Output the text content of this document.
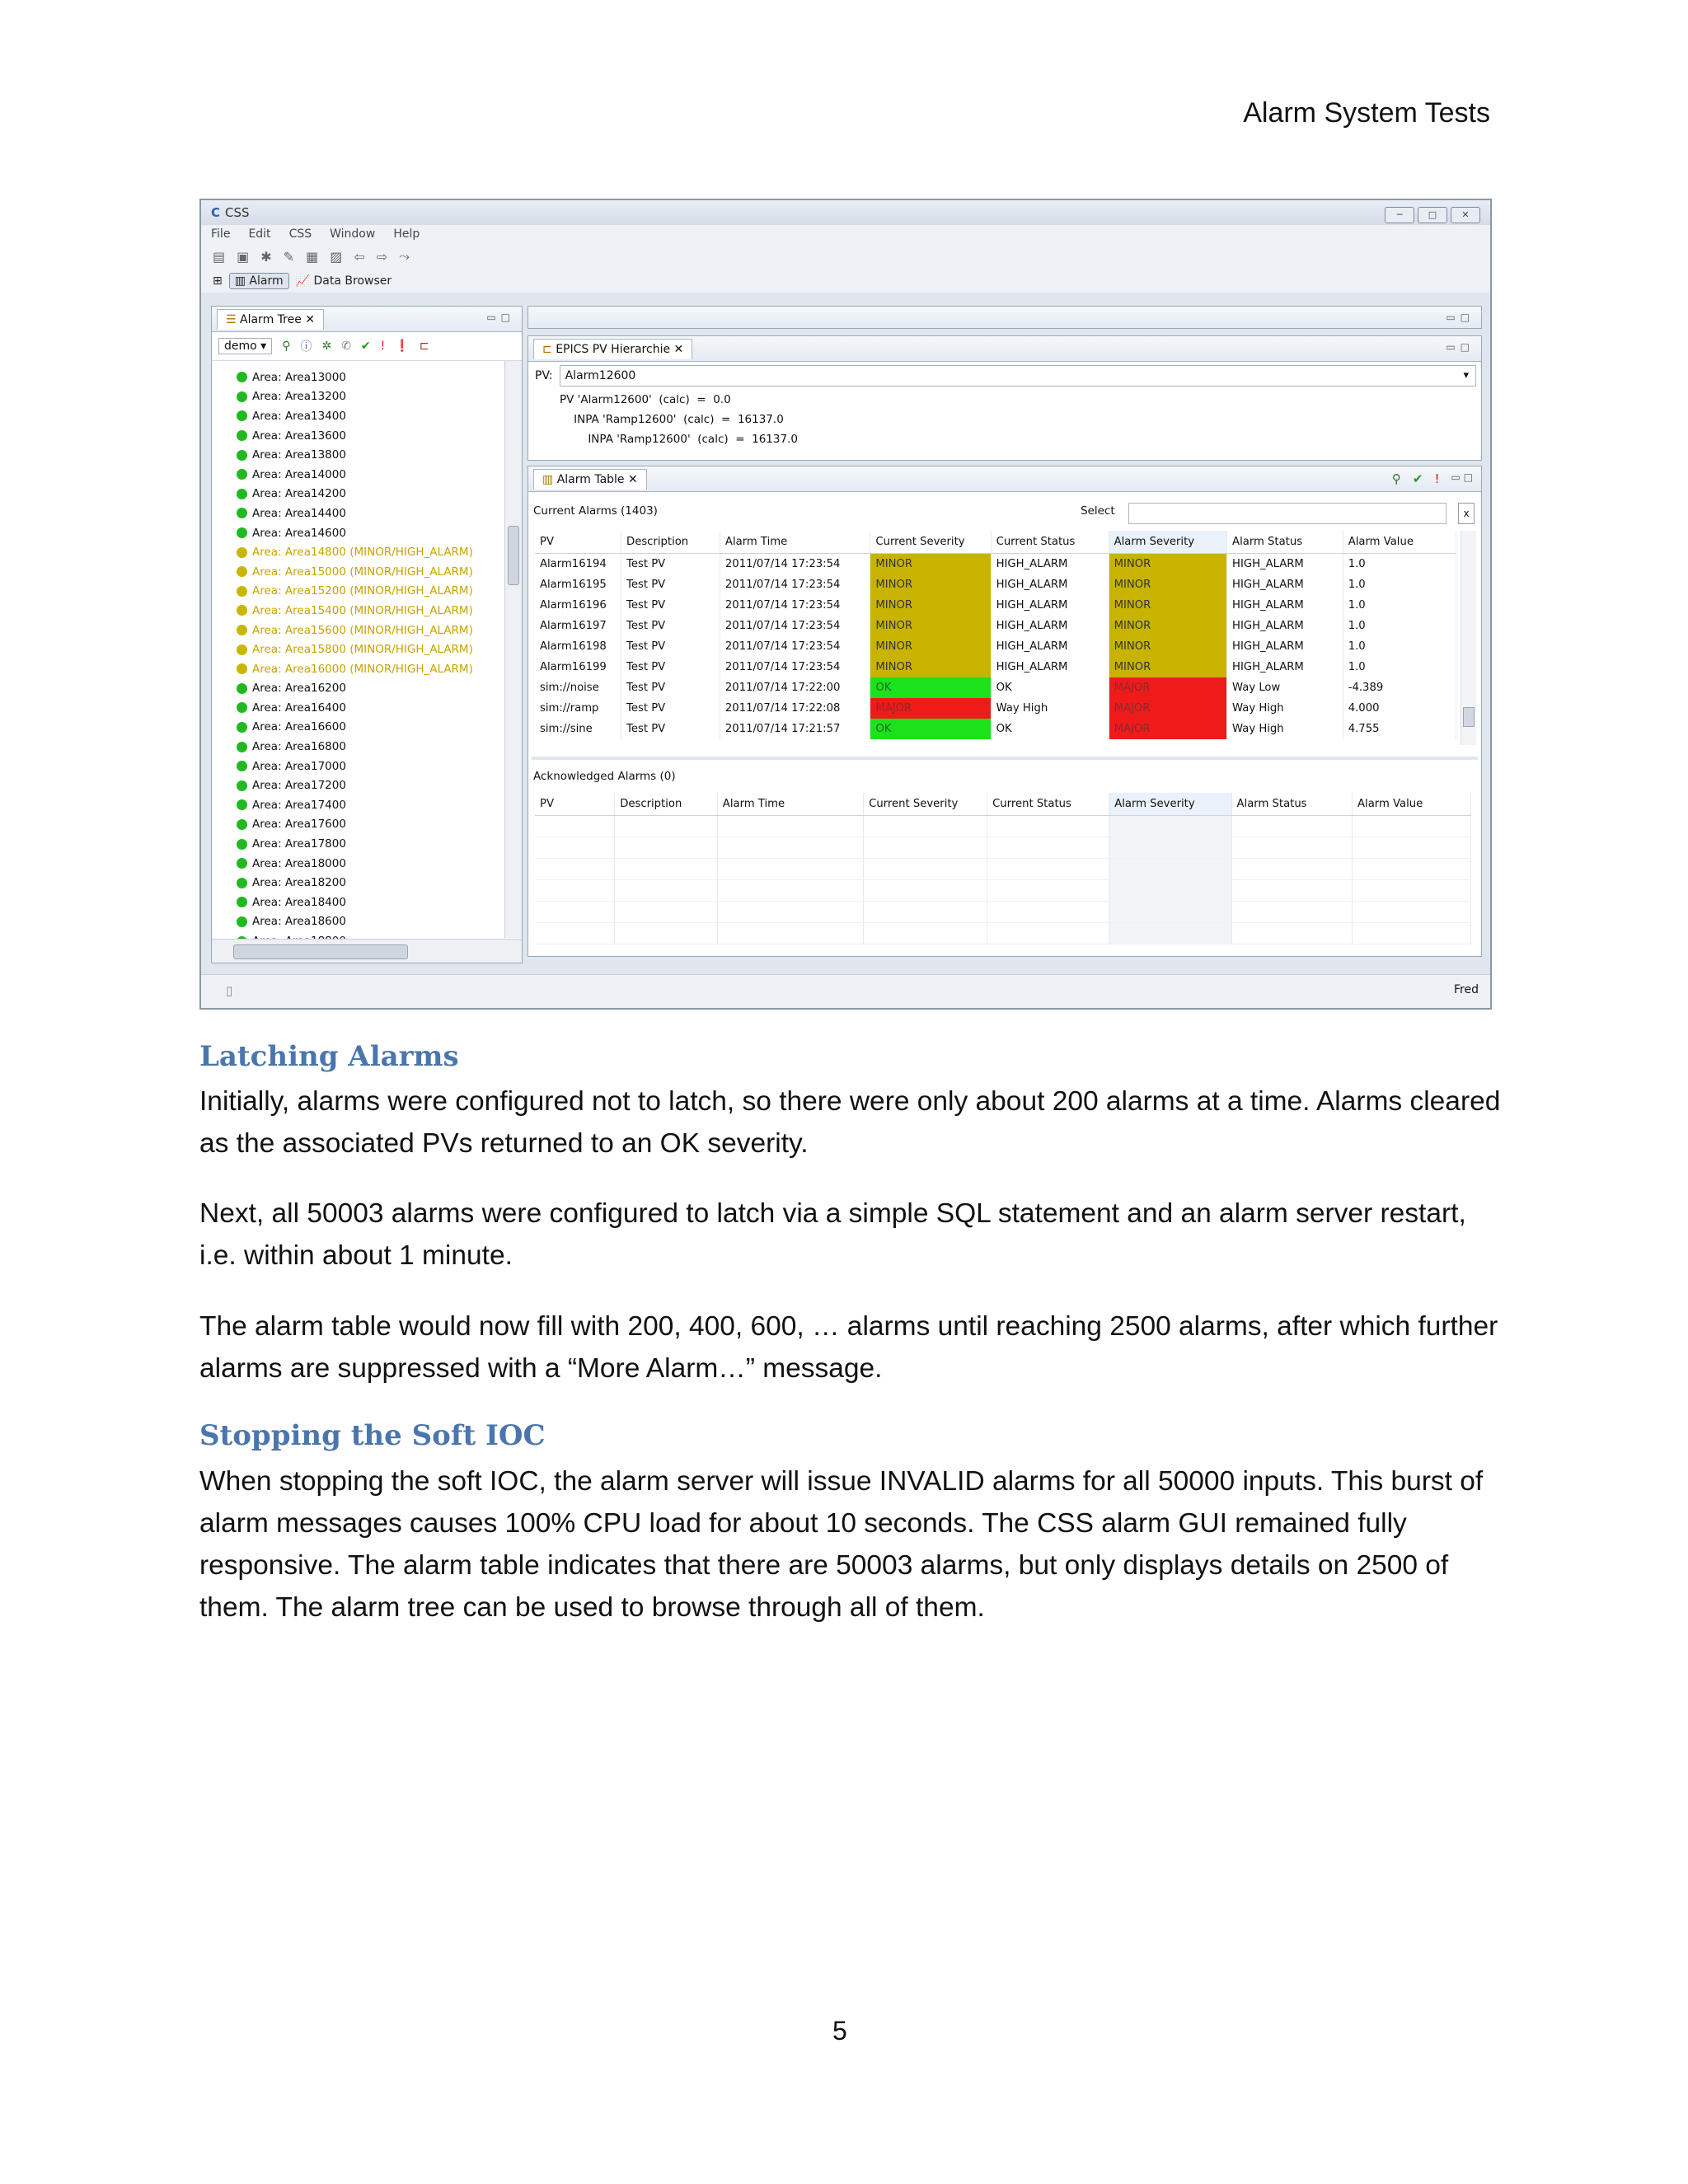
Alarm System Tests
C CSS	─	□	✕
File Edit CSS Window Help
▤ ▣ ✱ ✎ ▦ ▨ ⇦ ⇨ ⤳
⊞	▥ Alarm	📈 Data Browser
☰ Alarm Tree ✕	▭□
demo ▾	⚲ ⓘ ✲ ✆ ✔ ! ❗ ⊏
Area: Area13000
Area: Area13200
Area: Area13400
Area: Area13600
Area: Area13800
Area: Area14000
Area: Area14200
Area: Area14400
Area: Area14600
Area: Area14800 (MINOR/HIGH_ALARM)
Area: Area15000 (MINOR/HIGH_ALARM)
Area: Area15200 (MINOR/HIGH_ALARM)
Area: Area15400 (MINOR/HIGH_ALARM)
Area: Area15600 (MINOR/HIGH_ALARM)
Area: Area15800 (MINOR/HIGH_ALARM)
Area: Area16000 (MINOR/HIGH_ALARM)
Area: Area16200
Area: Area16400
Area: Area16600
Area: Area16800
Area: Area17000
Area: Area17200
Area: Area17400
Area: Area17600
Area: Area17800
Area: Area18000
Area: Area18200
Area: Area18400
Area: Area18600
▭□
⊏ EPICS PV Hierarchie ✕	▭□
PV:	Alarm12600 ▾
PV 'Alarm12600'  (calc)  =  0.0
INPA 'Ramp12600'  (calc)  =  16137.0
INPA 'Ramp12600'  (calc)  =  16137.0
▥ Alarm Table ✕	⚲ ✔ ! ▭ □
Current Alarms (1403)	Select	x
PV	Description	Alarm Time	Current Severity	Current Status	Alarm Severity	Alarm Status	Alarm Value
Alarm16194	Test PV	2011/07/14 17:23:54	MINOR	HIGH_ALARM	MINOR	HIGH_ALARM	1.0
Alarm16195	Test PV	2011/07/14 17:23:54	MINOR	HIGH_ALARM	MINOR	HIGH_ALARM	1.0
Alarm16196	Test PV	2011/07/14 17:23:54	MINOR	HIGH_ALARM	MINOR	HIGH_ALARM	1.0
Alarm16197	Test PV	2011/07/14 17:23:54	MINOR	HIGH_ALARM	MINOR	HIGH_ALARM	1.0
Alarm16198	Test PV	2011/07/14 17:23:54	MINOR	HIGH_ALARM	MINOR	HIGH_ALARM	1.0
Alarm16199	Test PV	2011/07/14 17:23:54	MINOR	HIGH_ALARM	MINOR	HIGH_ALARM	1.0
sim://noise	Test PV	2011/07/14 17:22:00	OK	OK	MAJOR	Way Low	-4.389
sim://ramp	Test PV	2011/07/14 17:22:08	MAJOR	Way High	MAJOR	Way High	4.000
sim://sine	Test PV	2011/07/14 17:21:57	OK	OK	MAJOR	Way High	4.755
Acknowledged Alarms (0)
PV	Description	Alarm Time	Current Severity	Current Status	Alarm Severity	Alarm Status	Alarm Value

▯	Fred
Latching Alarms
Initially, alarms were configured not to latch, so there were only about 200 alarms at a time. Alarms cleared as the associated PVs returned to an OK severity.
Next, all 50003 alarms were configured to latch via a simple SQL statement and an alarm server restart, i.e. within about 1 minute.
The alarm table would now fill with 200, 400, 600, … alarms until reaching 2500 alarms, after which further alarms are suppressed with a “More Alarm…” message.
Stopping the Soft IOC
When stopping the soft IOC, the alarm server will issue INVALID alarms for all 50000 inputs. This burst of alarm messages causes 100% CPU load for about 10 seconds. The CSS alarm GUI remained fully responsive. The alarm table indicates that there are 50003 alarms, but only displays details on 2500 of them. The alarm tree can be used to browse through all of them.
5
